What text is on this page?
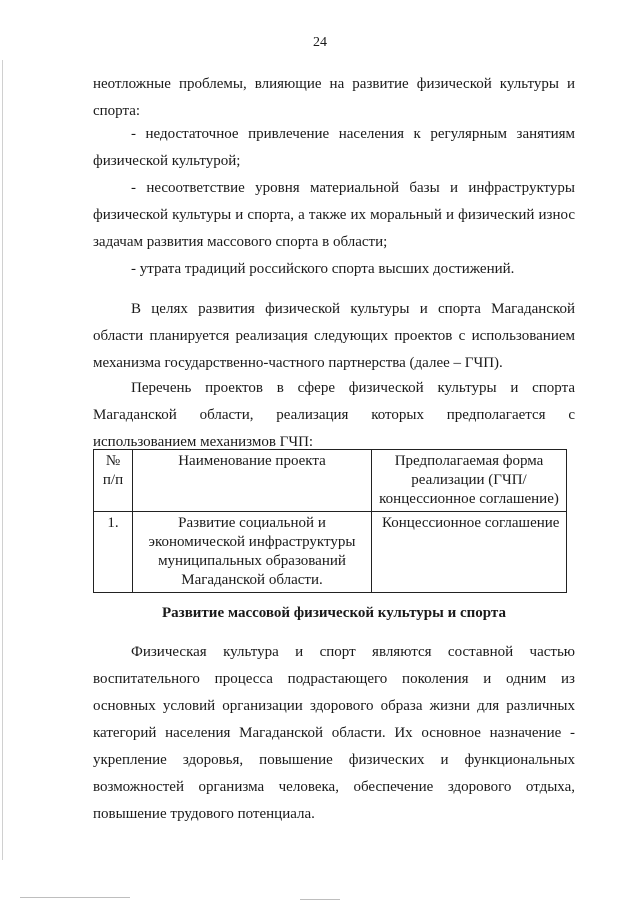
24

неотложные проблемы, влияющие на развитие физической культуры и спорта:

- недостаточное привлечение населения к регулярным занятиям физической культурой;
- несоответствие уровня материальной базы и инфраструктуры физической культуры и спорта, а также их моральный и физический износ задачам развития массового спорта в области;
- утрата традиций российского спорта высших достижений.

В целях развития физической культуры и спорта Магаданской области планируется реализация следующих проектов с использованием механизма государственно-частного партнерства (далее – ГЧП).

Перечень проектов в сфере физической культуры и спорта Магаданской области, реализация которых предполагается с использованием механизмов ГЧП:

№ п/п	Наименование проекта	Предполагаемая форма реализации (ГЧП/ концессионное соглашение)
1.	Развитие социальной и экономической инфраструктуры муниципальных образований Магаданской области.	Концессионное соглашение
Развитие массовой физической культуры и спорта

Физическая культура и спорт являются составной частью воспитательного процесса подрастающего поколения и одним из основных условий организации здорового образа жизни для различных категорий населения Магаданской области. Их основное назначение - укрепление здоровья, повышение физических и функциональных возможностей организма человека, обеспечение здорового отдыха, повышение трудового потенциала.
